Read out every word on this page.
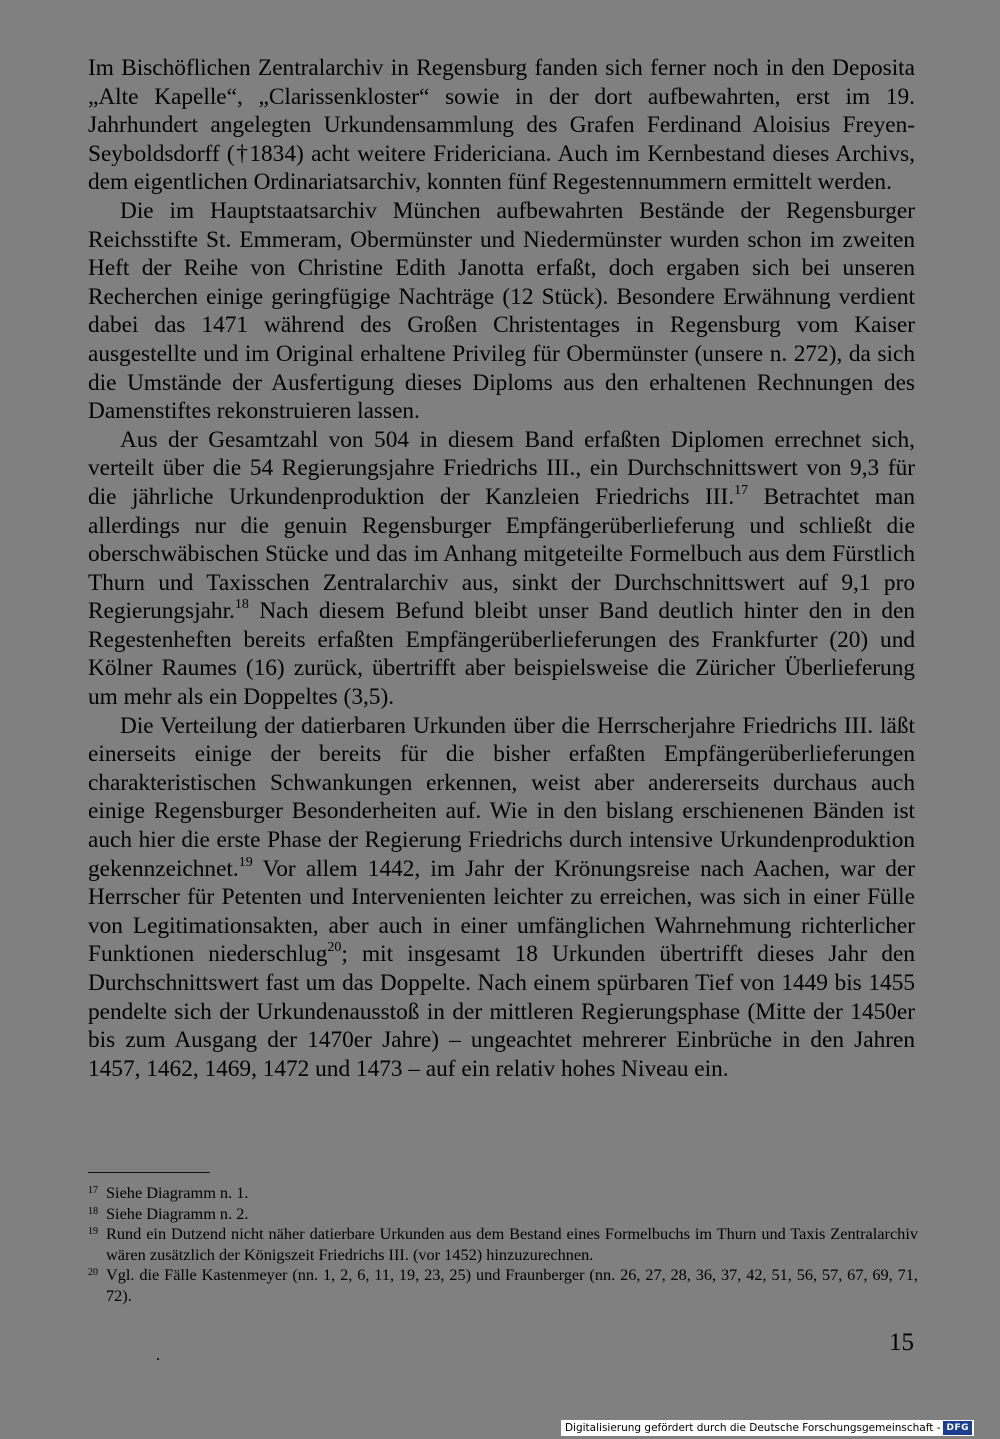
Im Bischöflichen Zentralarchiv in Regensburg fanden sich ferner noch in den Deposita „Alte Kapelle“, „Clarissenkloster“ sowie in der dort aufbewahrten, erst im 19. Jahrhundert angelegten Urkundensammlung des Grafen Ferdinand Aloisius Freyen-Seyboldsdorff (†1834) acht weitere Fridericiana. Auch im Kernbestand dieses Archivs, dem eigentlichen Ordinariatsarchiv, konnten fünf Regestennummern ermittelt werden.

Die im Hauptstaatsarchiv München aufbewahrten Bestände der Regensburger Reichsstifte St. Emmeram, Obermünster und Niedermünster wurden schon im zweiten Heft der Reihe von Christine Edith Janotta erfaßt, doch ergaben sich bei unseren Recherchen einige geringfügige Nachträge (12 Stück). Besondere Erwähnung verdient dabei das 1471 während des Großen Christentages in Regensburg vom Kaiser ausgestellte und im Original erhaltene Privileg für Obermünster (unsere n. 272), da sich die Umstände der Ausfertigung dieses Diploms aus den erhaltenen Rechnungen des Damenstiftes rekonstruieren lassen.

Aus der Gesamtzahl von 504 in diesem Band erfaßten Diplomen errechnet sich, verteilt über die 54 Regierungsjahre Friedrichs III., ein Durchschnittswert von 9,3 für die jährliche Urkundenproduktion der Kanzleien Friedrichs III.$^{17}$ Betrachtet man allerdings nur die genuin Regensburger Empfängerüberlieferung und schließt die oberschwäbischen Stücke und das im Anhang mitgeteilte Formelbuch aus dem Fürstlich Thurn und Taxisschen Zentralarchiv aus, sinkt der Durchschnittswert auf 9,1 pro Regierungsjahr.$^{18}$ Nach diesem Befund bleibt unser Band deutlich hinter den in den Regestenheften bereits erfaßten Empfängerüberlieferungen des Frankfurter (20) und Kölner Raumes (16) zurück, übertrifft aber beispielsweise die Züricher Überlieferung um mehr als ein Doppeltes (3,5).

Die Verteilung der datierbaren Urkunden über die Herrscherjahre Friedrichs III. läßt einerseits einige der bereits für die bisher erfaßten Empfängerüberlieferungen charakteristischen Schwankungen erkennen, weist aber andererseits durchaus auch einige Regensburger Besonderheiten auf. Wie in den bislang erschienenen Bänden ist auch hier die erste Phase der Regierung Friedrichs durch intensive Urkundenproduktion gekennzeichnet.$^{19}$ Vor allem 1442, im Jahr der Krönungsreise nach Aachen, war der Herrscher für Petenten und Intervenienten leichter zu erreichen, was sich in einer Fülle von Legitimationsakten, aber auch in einer umfänglichen Wahrnehmung richterlicher Funktionen niederschlug$^{20}$; mit insgesamt 18 Urkunden übertrifft dieses Jahr den Durchschnittswert fast um das Doppelte. Nach einem spürbaren Tief von 1449 bis 1455 pendelte sich der Urkundenausstoß in der mittleren Regierungsphase (Mitte der 1450er bis zum Ausgang der 1470er Jahre) – ungeachtet mehrerer Einbrüche in den Jahren 1457, 1462, 1469, 1472 und 1473 – auf ein relativ hohes Niveau ein.

17 Siehe Diagramm n. 1.
18 Siehe Diagramm n. 2.
19 Rund ein Dutzend nicht näher datierbare Urkunden aus dem Bestand eines Formelbuchs im Thurn und Taxis Zentralarchiv wären zusätzlich der Königszeit Friedrichs III. (vor 1452) hinzuzurechnen.
20 Vgl. die Fälle Kastenmeyer (nn. 1, 2, 6, 11, 19, 23, 25) und Fraunberger (nn. 26, 27, 28, 36, 37, 42, 51, 56, 57, 67, 69, 71, 72).
15
Digitalisierung gefördert durch die Deutsche Forschungsgemeinschaft - DFG
